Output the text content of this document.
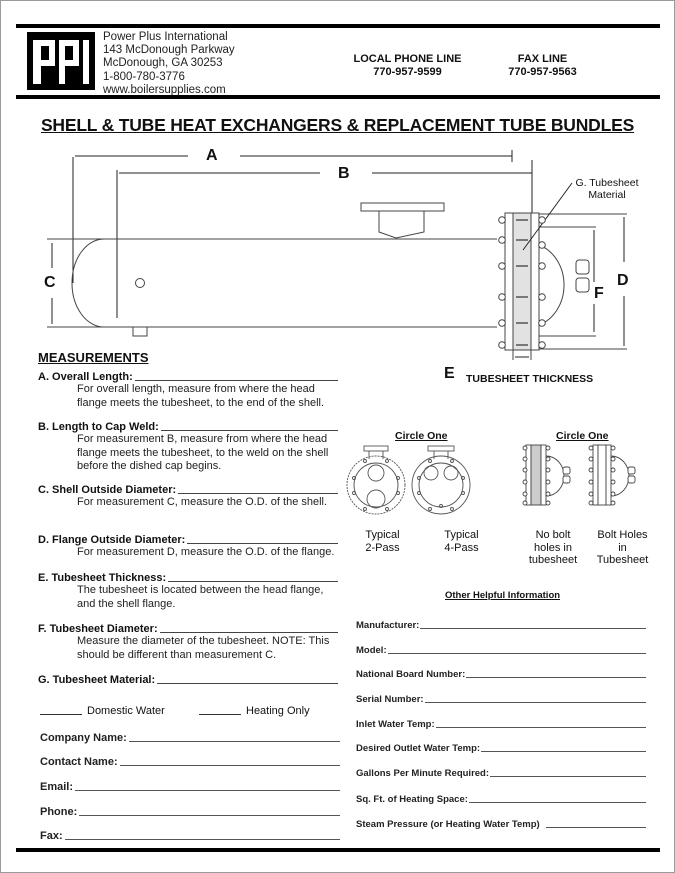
Power Plus International
143 McDonough Parkway
McDonough, GA 30253
1-800-780-3776
www.boilersupplies.com
LOCAL PHONE LINE
770-957-9599
FAX LINE
770-957-9563
SHELL & TUBE HEAT EXCHANGERS & REPLACEMENT TUBE BUNDLES
A
B
C	D
F
E TUBESHEET THICKNESS
G. Tubesheet
Material
MEASUREMENTS
A. Overall Length:
For overall length, measure from where the head
flange meets the tubesheet, to the end of the shell.
B. Length to Cap Weld:
For measurement B, measure from where the head
flange meets the tubesheet, to the weld on the shell
before the dished cap begins.
C. Shell Outside Diameter:
For measurement C, measure the O.D. of the shell.
D. Flange Outside Diameter:
For measurement D, measure the O.D. of the flange.
E. Tubesheet Thickness:
The tubesheet is located between the head flange,
and the shell flange.
F. Tubesheet Diameter:
Measure the diameter of the tubesheet. NOTE: This
should be different than measurement C.
G. Tubesheet Material:
Domestic Water	Heating Only
Company Name:
Contact Name:
Email:
Phone:
Fax:
Circle One
Typical
2-Pass
Typical
4-Pass
Circle One
No bolt
holes in
tubesheet
Bolt Holes
in
Tubesheet
Other Helpful Information
Manufacturer:
Model:
National Board Number:
Serial Number:
Inlet Water Temp:
Desired Outlet Water Temp:
Gallons Per Minute Required:
Sq. Ft. of Heating Space:
Steam Pressure (or Heating Water Temp)
